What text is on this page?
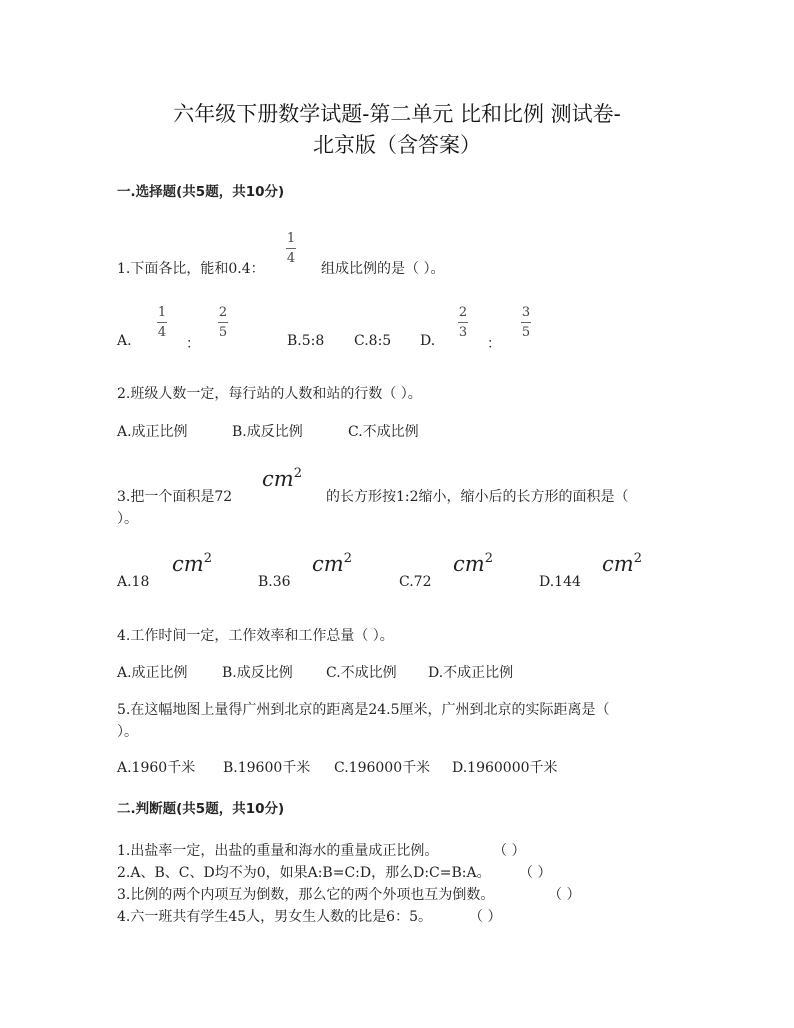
六年级下册数学试题-第二单元 比和比例 测试卷-
北京版（含答案）
一.选择题(共5题，共10分)
1.下面各比，能和0.4：
1
4
组成比例的是（ ）。
A.
1
4
：
2
5
B.5:8 C.8:5 D.
2
3
：
3
5
2.班级人数一定，每行站的人数和站的行数（ ）。
A.成正比例	B.成反比例	C.不成比例
3.把一个面积是72
$cm^2$
的长方形按1:2缩小，缩小后的长方形的面积是（
）。
A.18
$cm^2$
B.36
$cm^2$
C.72
$cm^2$
D.144
$cm^2$
4.工作时间一定，工作效率和工作总量（ ）。
A.成正比例 B.成反比例 C.不成比例 D.不成正比例
5.在这幅地图上量得广州到北京的距离是24.5厘米，广州到北京的实际距离是（
）。
A.1960千米 B.19600千米 C.196000千米 D.1960000千米
二.判断题(共5题，共10分)
1.出盐率一定，出盐的重量和海水的重量成正比例。	（ ）
2.A、B、C、D均不为0，如果A:B=C:D，那么D:C=B:A。 （ ）
3.比例的两个内项互为倒数，那么它的两个外项也互为倒数。	（ ）
4.六一班共有学生45人，男女生人数的比是6：5。	（ ）
